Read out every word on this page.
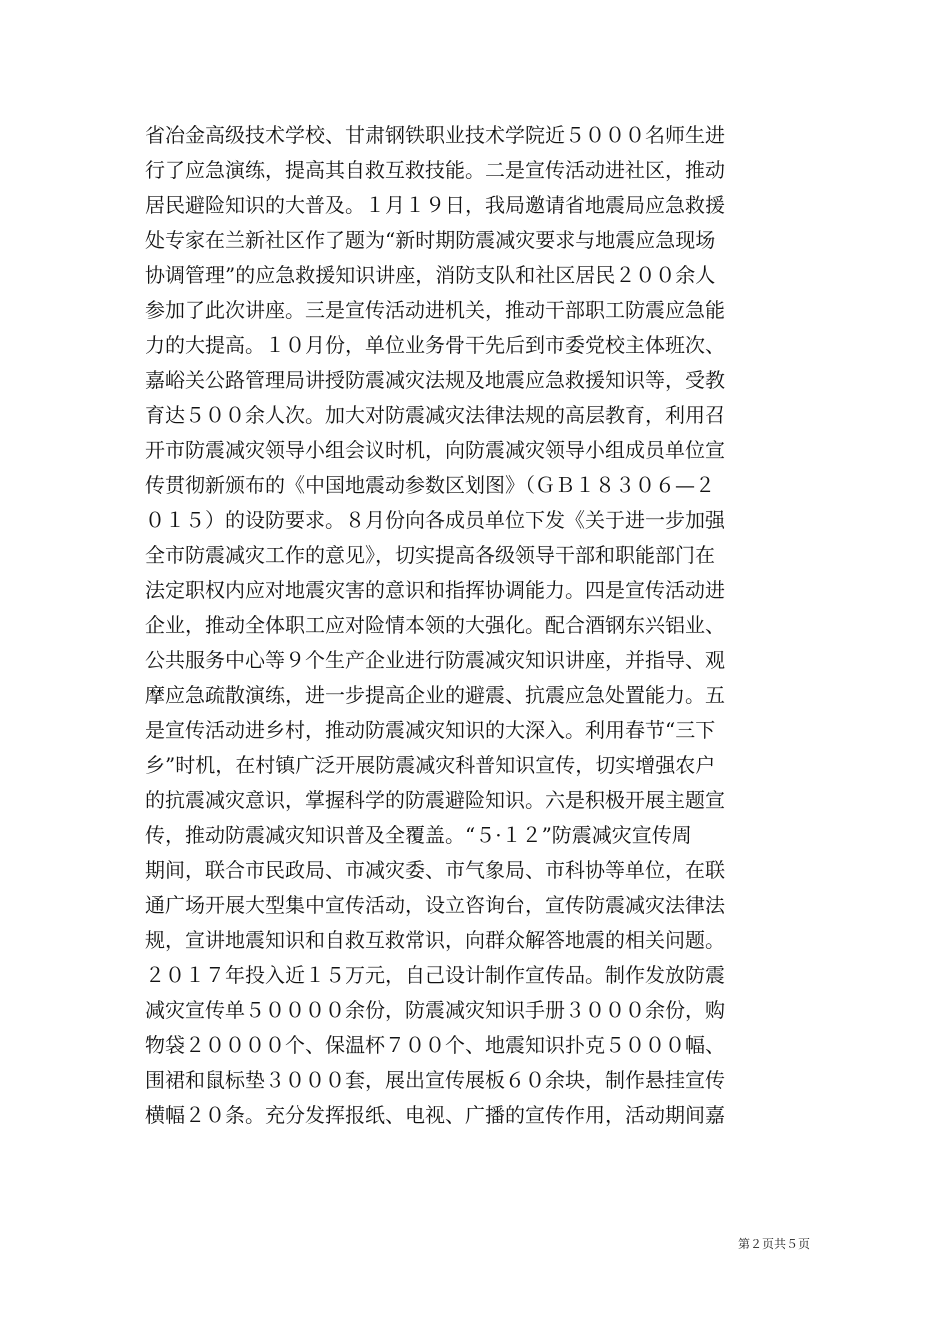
省冶金高级技术学校、甘肃钢铁职业技术学院近５０００名师生进
行了应急演练，提高其自救互救技能。二是宣传活动进社区，推动
居民避险知识的大普及。１月１９日，我局邀请省地震局应急救援
处专家在兰新社区作了题为“新时期防震减灾要求与地震应急现场
协调管理”的应急救援知识讲座，消防支队和社区居民２００余人
参加了此次讲座。三是宣传活动进机关，推动干部职工防震应急能
力的大提高。１０月份，单位业务骨干先后到市委党校主体班次、
嘉峪关公路管理局讲授防震减灾法规及地震应急救援知识等，受教
育达５００余人次。加大对防震减灾法律法规的高层教育，利用召
开市防震减灾领导小组会议时机，向防震减灾领导小组成员单位宣
传贯彻新颁布的《中国地震动参数区划图》（ＧＢ１８３０６—２
０１５）的设防要求。８月份向各成员单位下发《关于进一步加强
全市防震减灾工作的意见》，切实提高各级领导干部和职能部门在
法定职权内应对地震灾害的意识和指挥协调能力。四是宣传活动进
企业，推动全体职工应对险情本领的大强化。配合酒钢东兴铝业、
公共服务中心等９个生产企业进行防震减灾知识讲座，并指导、观
摩应急疏散演练，进一步提高企业的避震、抗震应急处置能力。五
是宣传活动进乡村，推动防震减灾知识的大深入。利用春节“三下
乡”时机，在村镇广泛开展防震减灾科普知识宣传，切实增强农户
的抗震减灾意识，掌握科学的防震避险知识。六是积极开展主题宣
传，推动防震减灾知识普及全覆盖。“５·１２”防震减灾宣传周
期间，联合市民政局、市减灾委、市气象局、市科协等单位，在联
通广场开展大型集中宣传活动，设立咨询台，宣传防震减灾法律法
规，宣讲地震知识和自救互救常识，向群众解答地震的相关问题。
２０１７年投入近１５万元，自己设计制作宣传品。制作发放防震
减灾宣传单５００００余份，防震减灾知识手册３０００余份，购
物袋２００００个、保温杯７００个、地震知识扑克５０００幅、
围裙和鼠标垫３０００套，展出宣传展板６０余块，制作悬挂宣传
横幅２０条。充分发挥报纸、电视、广播的宣传作用，活动期间嘉
第２页共５页
